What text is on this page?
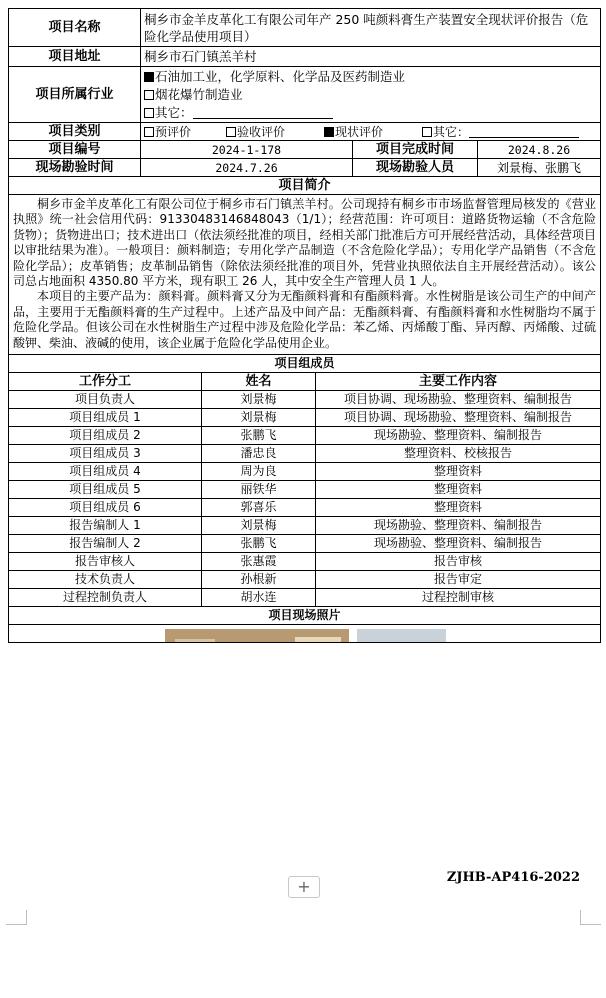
项目名称	桐乡市金羊皮革化工有限公司年产 250 吨颜料膏生产装置安全现状评价报告（危险化学品使用项目）		
项目地址	桐乡市石门镇羔羊村		
项目所属行业	石油加工业，化学原料、化学品及医药制造业
烟花爆竹制造业
其它：		

项目类别	预评价 验收评价 现状评价 其它：		
项目编号	2024-1-178	项目完成时间	2024.8.26
现场勘验时间	2024.7.26	现场勘验人员	刘景梅、张鹏飞
项目简介			

桐乡市金羊皮革化工有限公司位于桐乡市石门镇羔羊村。公司现持有桐乡市市场监督管理局核发的《营业执照》统一社会信用代码：91330483146848043（1/1）；经营范围：许可项目：道路货物运输（不含危险货物）；货物进出口；技术进出口（依法须经批准的项目，经相关部门批准后方可开展经营活动，具体经营项目以审批结果为准）。一般项目：颜料制造；专用化学产品制造（不含危险化学品）；专用化学产品销售（不含危险化学品）；皮革销售；皮革制品销售（除依法须经批准的项目外，凭营业执照依法自主开展经营活动）。该公司总占地面积 4350.80 平方米，现有职工 26 人，其中安全生产管理人员 1 人。

本项目的主要产品为：颜料膏。颜料膏又分为无酯颜料膏和有酯颜料膏。水性树脂是该公司生产的中间产品，主要用于无酯颜料膏的生产过程中。上述产品及中间产品：无酯颜料膏、有酯颜料膏和水性树脂均不属于危险化学品。但该公司在水性树脂生产过程中涉及危险化学品：苯乙烯、丙烯酸丁酯、异丙醇、丙烯酸、过硫酸钾、柴油、液碱的使用，该企业属于危险化学品使用企业。			

项目组成员		
工作分工	姓名	主要工作内容
项目负责人	刘景梅	项目协调、现场勘验、整理资料、编制报告
项目组成员 1	刘景梅	项目协调、现场勘验、整理资料、编制报告
项目组成员 2	张鹏飞	现场勘验、整理资料、编制报告
项目组成员 3	潘忠良	整理资料、校核报告
项目组成员 4	周为良	整理资料
项目组成员 5	丽铁华	整理资料
项目组成员 6	郭喜乐	整理资料
报告编制人 1	刘景梅	现场勘验、整理资料、编制报告
报告编制人 2	张鹏飞	现场勘验、整理资料、编制报告
报告审核人	张惠霞	报告审核
技术负责人	孙根新	报告审定
过程控制负责人	胡水连	过程控制审核
项目现场照片		

ZJHB-AP416-2022
+
